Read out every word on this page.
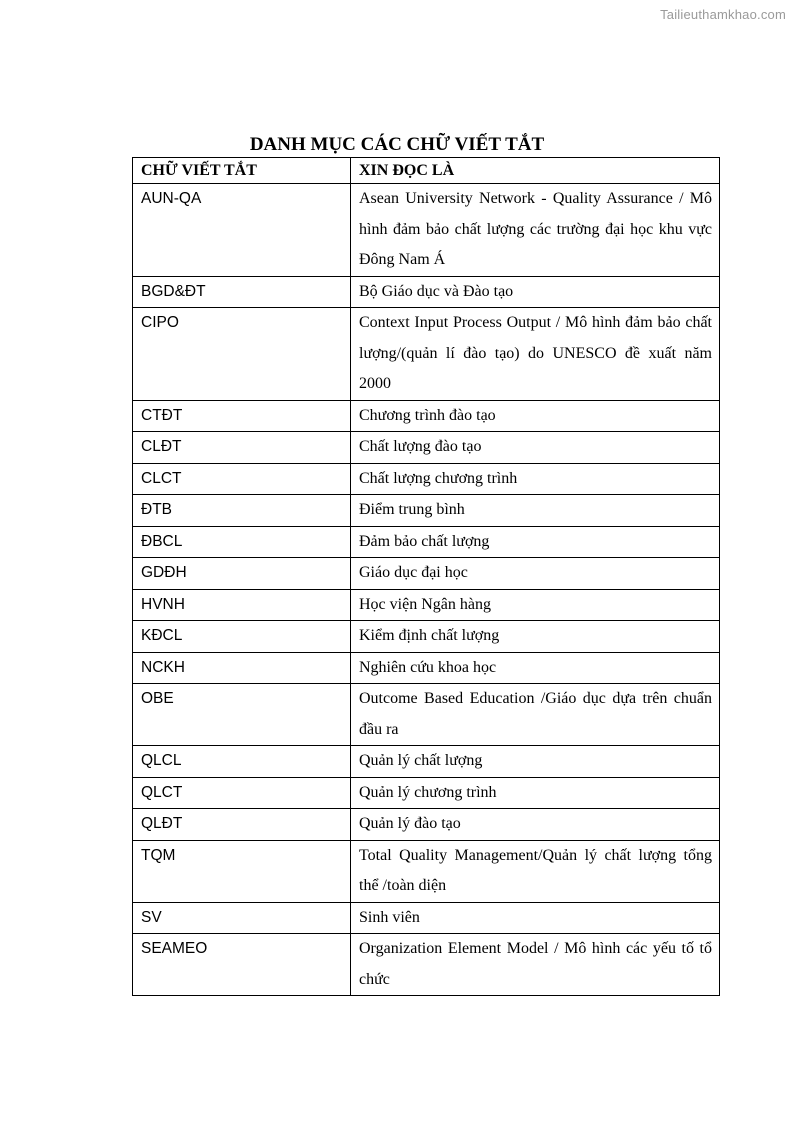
Tailieuthamkhao.com
DANH MỤC CÁC CHỮ VIẾT TẮT
CHỮ VIẾT TẮT	XIN ĐỌC LÀ
AUN-QA	Asean University Network - Quality Assurance / Mô hình đảm bảo chất lượng các trường đại học khu vực Đông Nam Á
BGD&ĐT	Bộ Giáo dục và Đào tạo
CIPO	Context Input Process Output / Mô hình đảm bảo chất lượng/(quản lí đào tạo) do UNESCO đề xuất năm 2000
CTĐT	Chương trình đào tạo
CLĐT	Chất lượng đào tạo
CLCT	Chất lượng chương trình
ĐTB	Điểm trung bình
ĐBCL	Đảm bảo chất lượng
GDĐH	Giáo dục đại học
HVNH	Học viện Ngân hàng
KĐCL	Kiểm định chất lượng
NCKH	Nghiên cứu khoa học
OBE	Outcome Based Education /Giáo dục dựa trên chuẩn đầu ra
QLCL	Quản lý chất lượng
QLCT	Quản lý chương trình
QLĐT	Quản lý đào tạo
TQM	Total Quality Management/Quản lý chất lượng tổng thể /toàn diện
SV	Sinh viên
SEAMEO	Organization Element Model / Mô hình các yếu tố tổ chức
